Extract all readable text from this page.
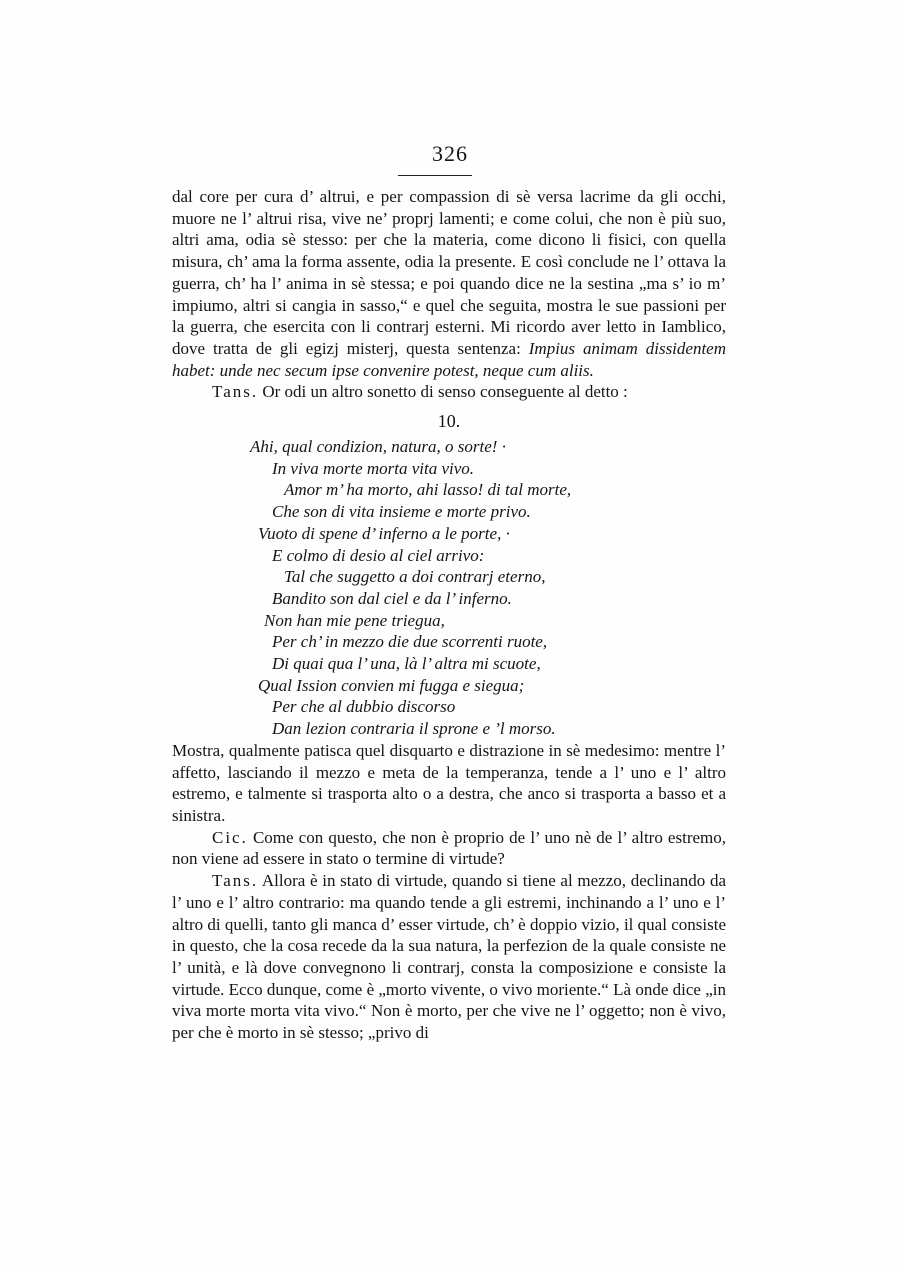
326

dal core per cura d’ altrui, e per compassion di sè versa lacrime da gli occhi, muore ne l’ altrui risa, vive ne’ proprj lamenti; e come colui, che non è più suo, altri ama, odia sè stesso: per che la materia, come dicono li fisici, con quella misura, ch’ ama la forma assente, odia la presente. E così conclude ne l’ ottava la guerra, ch’ ha l’ anima in sè stessa; e poi quando dice ne la sestina „ma s’ io m’ impiumo, altri si cangia in sasso,“ e quel che seguita, mostra le sue passioni per la guerra, che esercita con li contrarj esterni. Mi ricordo aver letto in Iamblico, dove tratta de gli egizj misterj, questa sentenza: Impius animam dissidentem habet: unde nec secum ipse convenire potest, neque cum aliis.

Tans. Or odi un altro sonetto di senso conseguente al detto :

10.
Ahi, qual condizion, natura, o sorte! ·
In viva morte morta vita vivo.
Amor m’ ha morto, ahi lasso! di tal morte,
Che son di vita insieme e morte privo.
Vuoto di spene d’ inferno a le porte, ·
E colmo di desio al ciel arrivo:
Tal che suggetto a doi contrarj eterno,
Bandito son dal ciel e da l’ inferno.
Non han mie pene triegua,
Per ch’ in mezzo die due scorrenti ruote,
Di quai qua l’ una, là l’ altra mi scuote,
Qual Ission convien mi fugga e siegua;
Per che al dubbio discorso
Dan lezion contraria il sprone e ’l morso.

Mostra, qualmente patisca quel disquarto e distrazione in sè medesimo: mentre l’ affetto, lasciando il mezzo e meta de la temperanza, tende a l’ uno e l’ altro estremo, e talmente si trasporta alto o a destra, che anco si trasporta a basso et a sinistra.

Cic. Come con questo, che non è proprio de l’ uno nè de l’ altro estremo, non viene ad essere in stato o termine di virtude?

Tans. Allora è in stato di virtude, quando si tiene al mezzo, declinando da l’ uno e l’ altro contrario: ma quando tende a gli estremi, inchinando a l’ uno e l’ altro di quelli, tanto gli manca d’ esser virtude, ch’ è doppio vizio, il qual consiste in questo, che la cosa recede da la sua natura, la perfezion de la quale consiste ne l’ unità, e là dove convegnono li contrarj, consta la composizione e consiste la virtude. Ecco dunque, come è „morto vivente, o vivo moriente.“ Là onde dice „in viva morte morta vita vivo.“ Non è morto, per che vive ne l’ oggetto; non è vivo, per che è morto in sè stesso; „privo di
